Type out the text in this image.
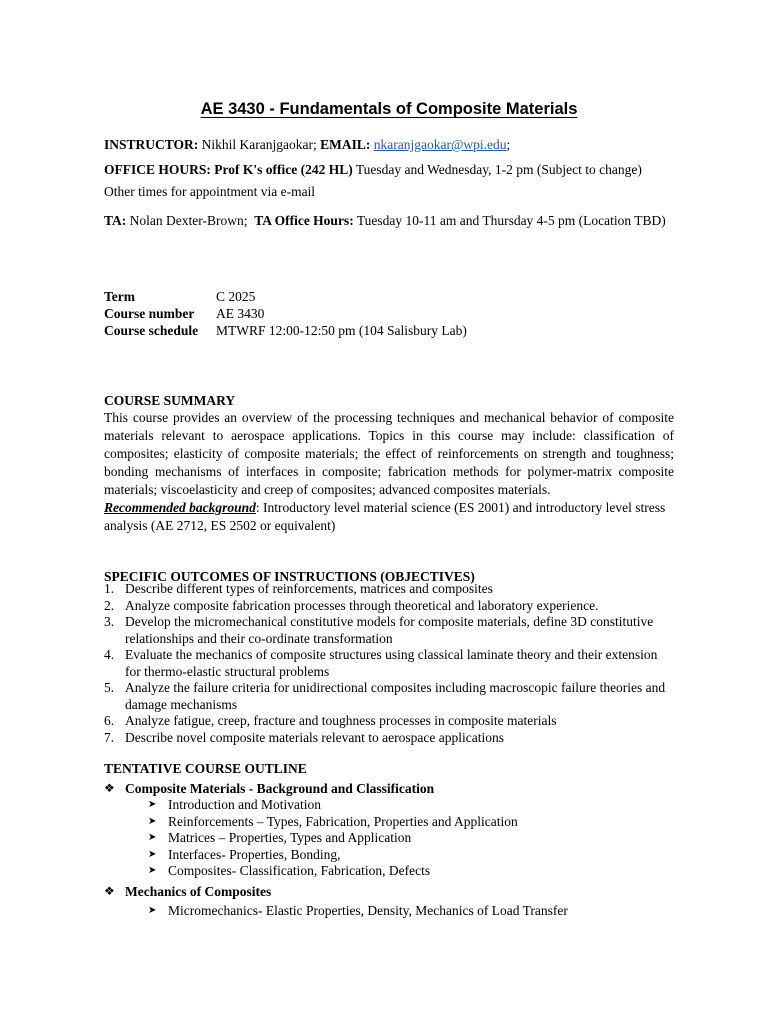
AE 3430 - Fundamentals of Composite Materials
INSTRUCTOR: Nikhil Karanjgaokar; EMAIL: nkaranjgaokar@wpi.edu;
OFFICE HOURS: Prof K's office (242 HL) Tuesday and Wednesday, 1-2 pm (Subject to change)
Other times for appointment via e-mail
TA: Nolan Dexter-Brown; TA Office Hours: Tuesday 10-11 am and Thursday 4-5 pm (Location TBD)
Term	C 2025
Course number AE 3430
Course schedule MTWRF 12:00-12:50 pm (104 Salisbury Lab)
COURSE SUMMARY
This course provides an overview of the processing techniques and mechanical behavior of composite materials relevant to aerospace applications. Topics in this course may include: classification of composites; elasticity of composite materials; the effect of reinforcements on strength and toughness; bonding mechanisms of interfaces in composite; fabrication methods for polymer-matrix composite materials; viscoelasticity and creep of composites; advanced composites materials.
Recommended background: Introductory level material science (ES 2001) and introductory level stress analysis (AE 2712, ES 2502 or equivalent)
SPECIFIC OUTCOMES OF INSTRUCTIONS (OBJECTIVES)
1. Describe different types of reinforcements, matrices and composites
2. Analyze composite fabrication processes through theoretical and laboratory experience.
3. Develop the micromechanical constitutive models for composite materials, define 3D constitutive relationships and their co-ordinate transformation
4. Evaluate the mechanics of composite structures using classical laminate theory and their extension for thermo-elastic structural problems
5. Analyze the failure criteria for unidirectional composites including macroscopic failure theories and damage mechanisms
6. Analyze fatigue, creep, fracture and toughness processes in composite materials
7. Describe novel composite materials relevant to aerospace applications
TENTATIVE COURSE OUTLINE
❖ Composite Materials - Background and Classification
➤ Introduction and Motivation
➤ Reinforcements – Types, Fabrication, Properties and Application
➤ Matrices – Properties, Types and Application
➤ Interfaces- Properties, Bonding,
➤ Composites- Classification, Fabrication, Defects
❖ Mechanics of Composites
➤ Micromechanics- Elastic Properties, Density, Mechanics of Load Transfer
